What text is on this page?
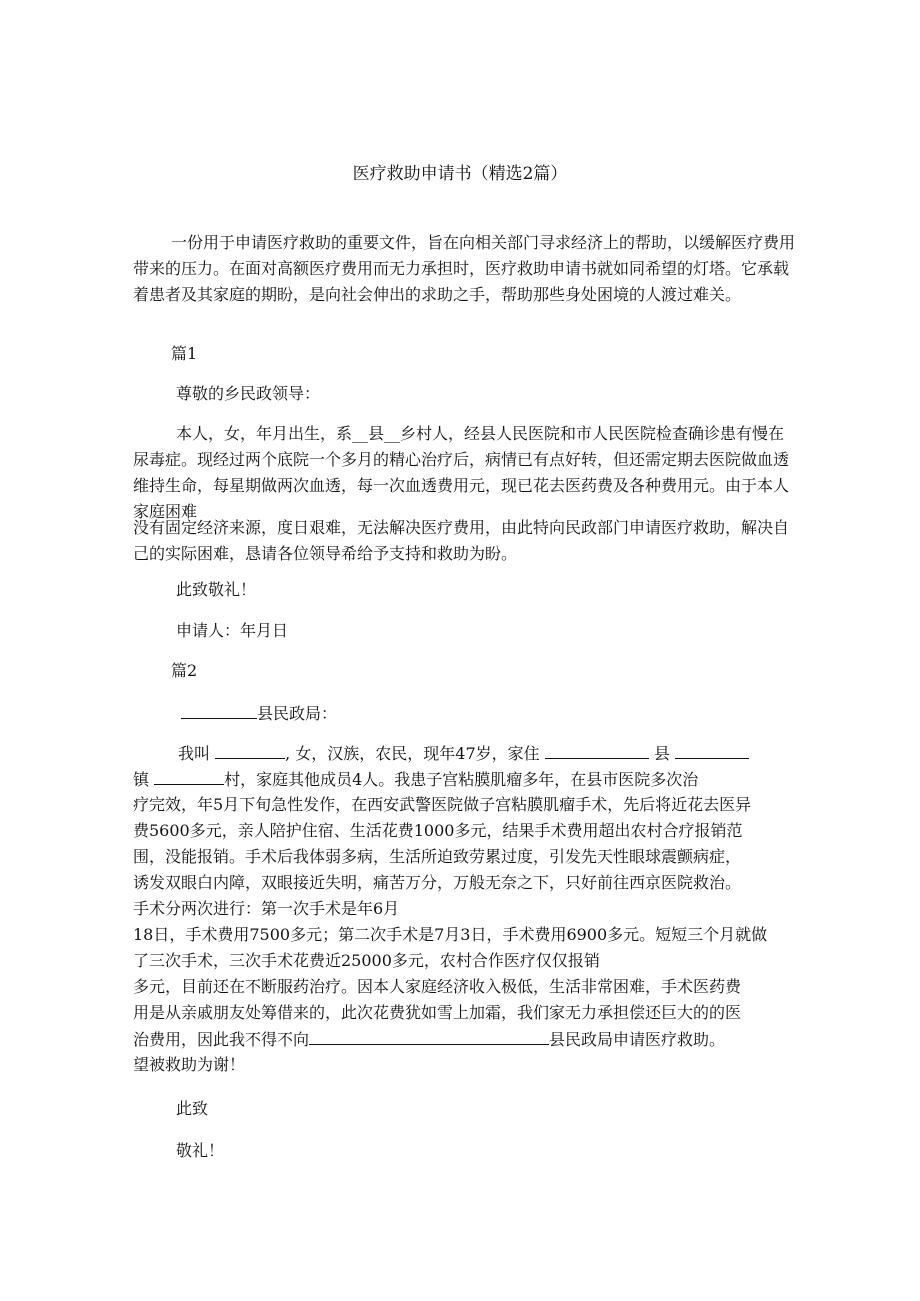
医疗救助申请书（精选2篇）

一份用于申请医疗救助的重要文件，旨在向相关部门寻求经济上的帮助，以缓解医疗费用带来的压力。在面对高额医疗费用而无力承担时，医疗救助申请书就如同希望的灯塔。它承载着患者及其家庭的期盼，是向社会伸出的求助之手，帮助那些身处困境的人渡过难关。

篇1
尊敬的乡民政领导：

本人，女，年月出生，系__县__乡村人，经县人民医院和市人民医院检查确诊患有慢在尿毒症。现经过两个底院一个多月的精心治疗后，病情已有点好转，但还需定期去医院做血透维持生命，每星期做两次血透，每一次血透费用元，现已花去医药费及各种费用元。由于本人家庭困难

没有固定经济来源，度日艰难，无法解决医疗费用，由此特向民政部门申请医疗救助，解决自己的实际困难，恳请各位领导希给予支持和救助为盼。

此致敬礼！
申请人：年月日
篇2
县民政局：
我叫	, 女，汉族，农民，现年47岁，家住	县
镇	村，家庭其他成员4人。我患子宫粘膜肌瘤多年，在县市医院多次治
疗完效，年5月下旬急性发作，在西安武警医院做子宫粘膜肌瘤手术，先后将近花去医异
费5600多元，亲人陪护住宿、生活花费1000多元，结果手术费用超出农村合疗报销范
围，没能报销。手术后我体弱多病，生活所迫致劳累过度，引发先天性眼球震颤病症，
诱发双眼白内障，双眼接近失明，痛苦万分，万般无奈之下，只好前往西京医院救治。
手术分两次进行：第一次手术是年6月
18日，手术费用7500多元；第二次手术是7月3日，手术费用6900多元。短短三个月就做
了三次手术，三次手术花费近25000多元，农村合作医疗仅仅报销
多元，目前还在不断服药治疗。因本人家庭经济收入极低，生活非常困难，手术医药费
用是从亲戚朋友处筹借来的，此次花费犹如雪上加霜，我们家无力承担偿还巨大的的医
治费用，因此我不得不向	县民政局申请医疗救助。
望被救助为谢！
此致
敬礼！
